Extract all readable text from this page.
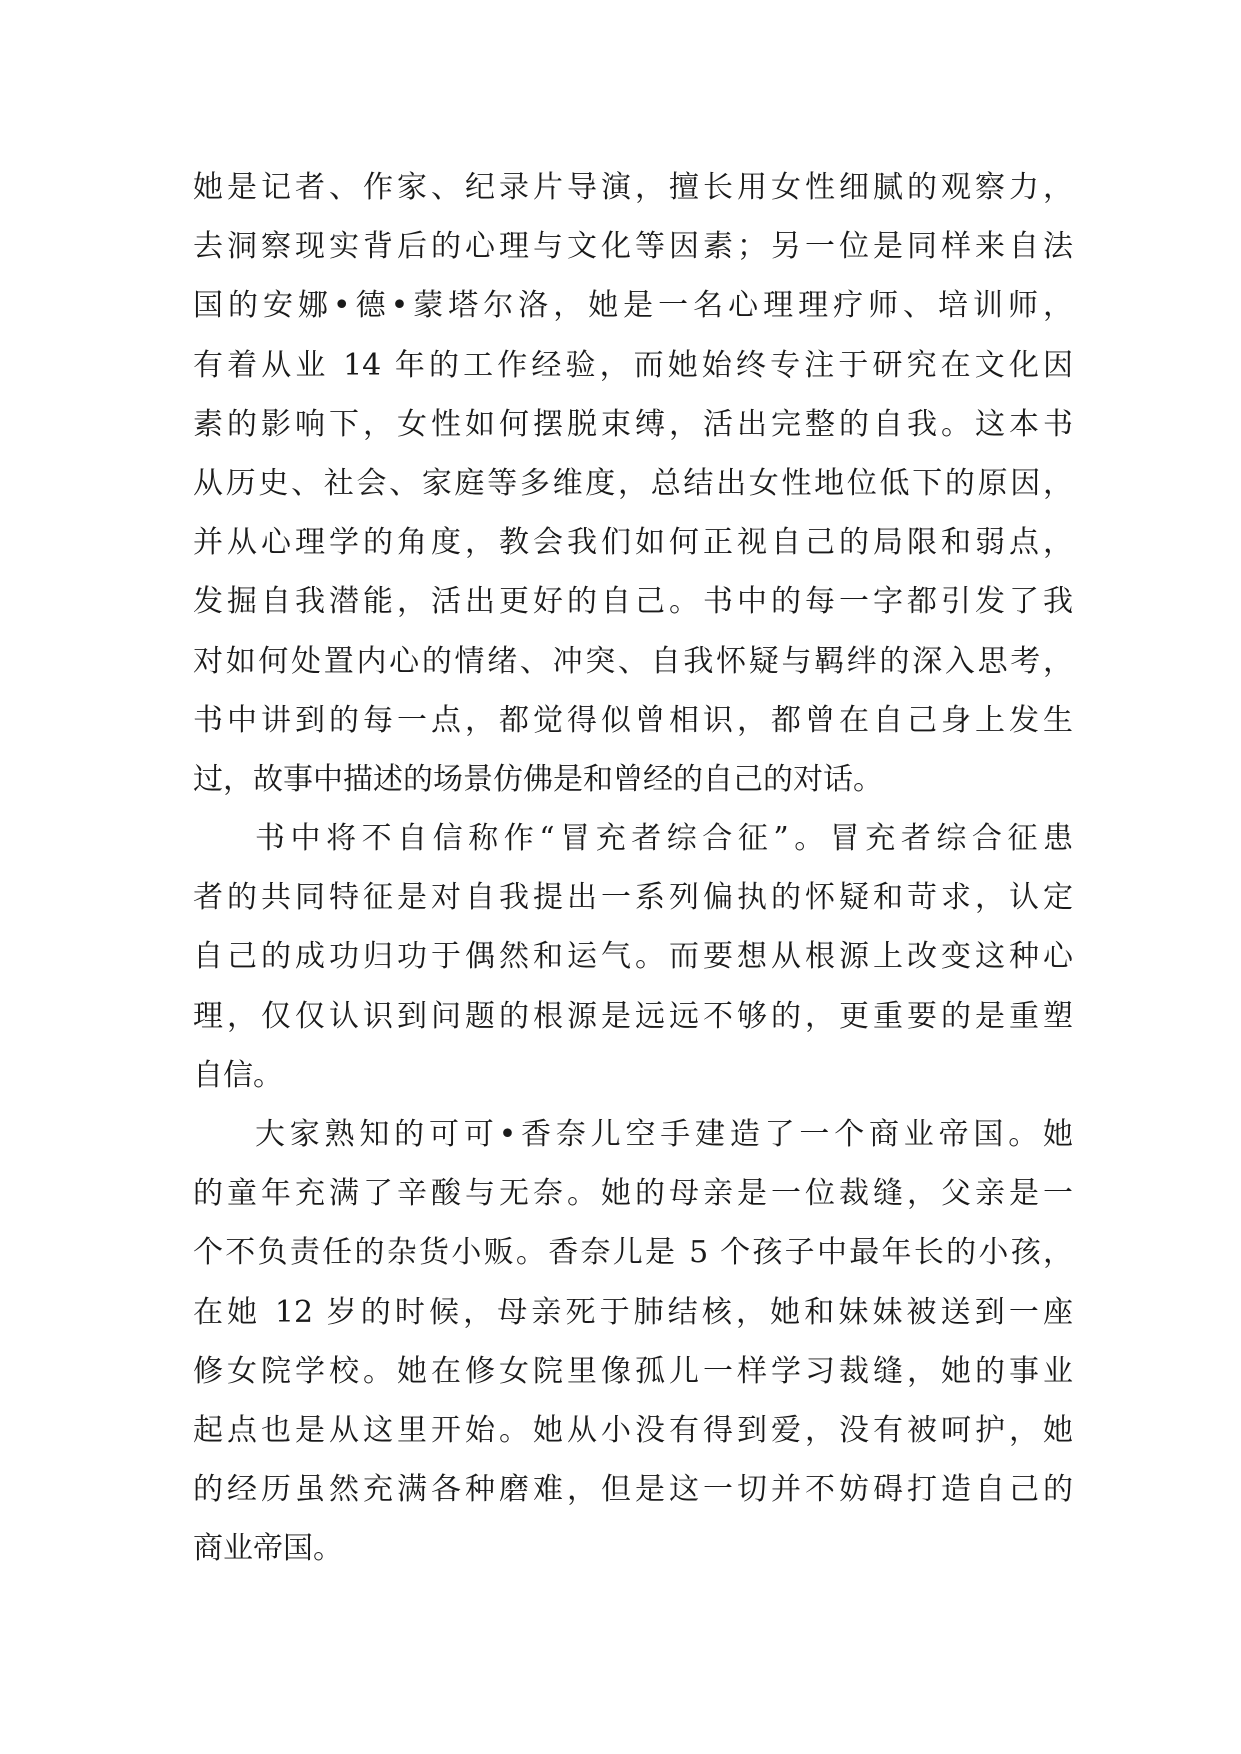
她是记者、作家、纪录片导演，擅长用女性细腻的观察力，
去洞察现实背后的心理与文化等因素；另一位是同样来自法
国的安娜•德•蒙塔尔洛，她是一名心理理疗师、培训师，
有着从业 14 年的工作经验，而她始终专注于研究在文化因
素的影响下，女性如何摆脱束缚，活出完整的自我。这本书
从历史、社会、家庭等多维度，总结出女性地位低下的原因，
并从心理学的角度，教会我们如何正视自己的局限和弱点，
发掘自我潜能，活出更好的自己。书中的每一字都引发了我
对如何处置内心的情绪、冲突、自我怀疑与羁绊的深入思考，
书中讲到的每一点，都觉得似曾相识，都曾在自己身上发生
过，故事中描述的场景仿佛是和曾经的自己的对话。
书中将不自信称作“冒充者综合征”。冒充者综合征患
者的共同特征是对自我提出一系列偏执的怀疑和苛求，认定
自己的成功归功于偶然和运气。而要想从根源上改变这种心
理，仅仅认识到问题的根源是远远不够的，更重要的是重塑
自信。
大家熟知的可可•香奈儿空手建造了一个商业帝国。她
的童年充满了辛酸与无奈。她的母亲是一位裁缝，父亲是一
个不负责任的杂货小贩。香奈儿是 5 个孩子中最年长的小孩，
在她 12 岁的时候，母亲死于肺结核，她和妹妹被送到一座
修女院学校。她在修女院里像孤儿一样学习裁缝，她的事业
起点也是从这里开始。她从小没有得到爱，没有被呵护，她
的经历虽然充满各种磨难，但是这一切并不妨碍打造自己的
商业帝国。
